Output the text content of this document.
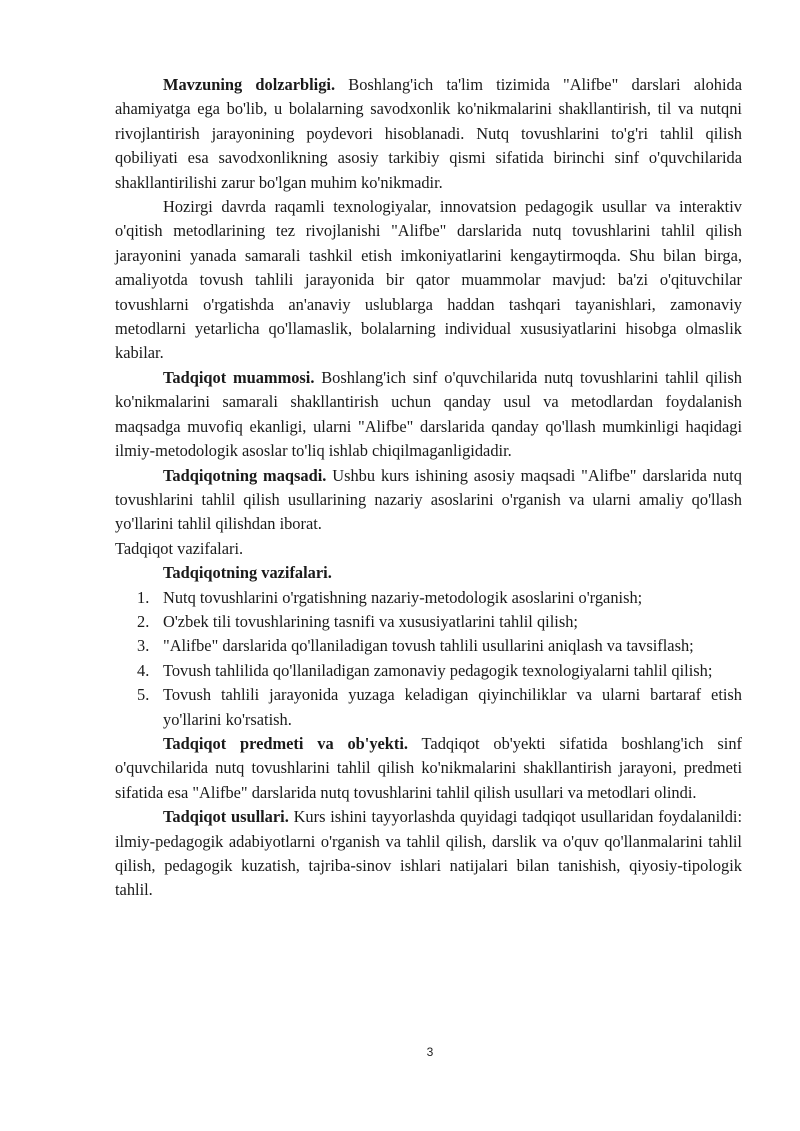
Mavzuning dolzarbligi. Boshlang'ich ta'lim tizimida "Alifbe" darslari alohida ahamiyatga ega bo'lib, u bolalarning savodxonlik ko'nikmalarini shakllantirish, til va nutqni rivojlantirish jarayonining poydevori hisoblanadi. Nutq tovushlarini to'g'ri tahlil qilish qobiliyati esa savodxonlikning asosiy tarkibiy qismi sifatida birinchi sinf o'quvchilarida shakllantirilishi zarur bo'lgan muhim ko'nikmadir.

Hozirgi davrda raqamli texnologiyalar, innovatsion pedagogik usullar va interaktiv o'qitish metodlarining tez rivojlanishi "Alifbe" darslarida nutq tovushlarini tahlil qilish jarayonini yanada samarali tashkil etish imkoniyatlarini kengaytirmoqda. Shu bilan birga, amaliyotda tovush tahlili jarayonida bir qator muammolar mavjud: ba'zi o'qituvchilar tovushlarni o'rgatishda an'anaviy uslublarga haddan tashqari tayanishlari, zamonaviy metodlarni yetarlicha qo'llamaslik, bolalarning individual xususiyatlarini hisobga olmaslik kabilar.

Tadqiqot muammosi. Boshlang'ich sinf o'quvchilarida nutq tovushlarini tahlil qilish ko'nikmalarini samarali shakllantirish uchun qanday usul va metodlardan foydalanish maqsadga muvofiq ekanligi, ularni "Alifbe" darslarida qanday qo'llash mumkinligi haqidagi ilmiy-metodologik asoslar to'liq ishlab chiqilmaganligidadir.

Tadqiqotning maqsadi. Ushbu kurs ishining asosiy maqsadi "Alifbe" darslarida nutq tovushlarini tahlil qilish usullarining nazariy asoslarini o'rganish va ularni amaliy qo'llash yo'llarini tahlil qilishdan iborat.

Tadqiqot vazifalari.

Tadqiqotning vazifalari.
1. Nutq tovushlarini o'rgatishning nazariy-metodologik asoslarini o'rganish;
2. O'zbek tili tovushlarining tasnifi va xususiyatlarini tahlil qilish;
3. "Alifbe" darslarida qo'llaniladigan tovush tahlili usullarini aniqlash va tavsiflash;
4. Tovush tahlilida qo'llaniladigan zamonaviy pedagogik texnologiyalarni tahlil qilish;
5. Tovush tahlili jarayonida yuzaga keladigan qiyinchiliklar va ularni bartaraf etish yo'llarini ko'rsatish.

Tadqiqot predmeti va ob'yekti. Tadqiqot ob'yekti sifatida boshlang'ich sinf o'quvchilarida nutq tovushlarini tahlil qilish ko'nikmalarini shakllantirish jarayoni, predmeti sifatida esa "Alifbe" darslarida nutq tovushlarini tahlil qilish usullari va metodlari olindi.

Tadqiqot usullari. Kurs ishini tayyorlashda quyidagi tadqiqot usullaridan foydalanildi: ilmiy-pedagogik adabiyotlarni o'rganish va tahlil qilish, darslik va o'quv qo'llanmalarini tahlil qilish, pedagogik kuzatish, tajriba-sinov ishlari natijalari bilan tanishish, qiyosiy-tipologik tahlil.

3
